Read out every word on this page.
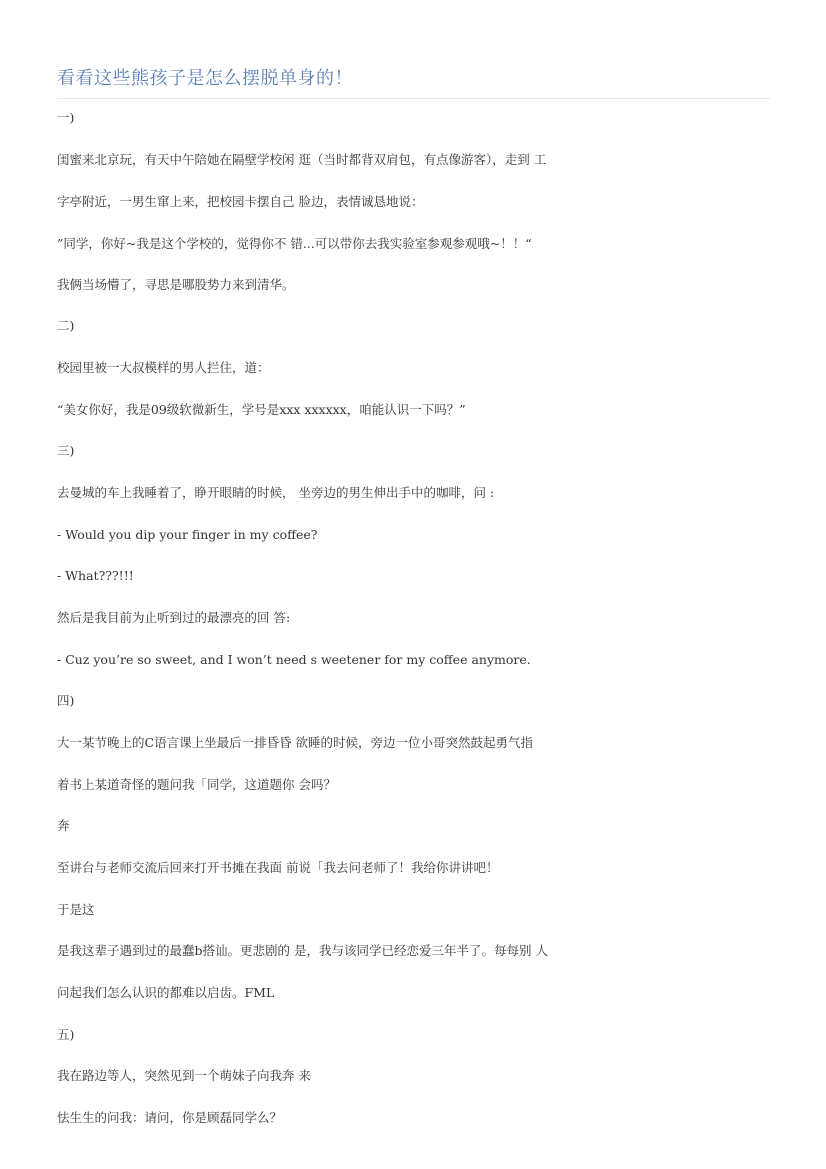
看看这些熊孩子是怎么摆脱单身的！
一)
闺蜜来北京玩，有天中午陪她在隔壁学校闲 逛（当时都背双肩包，有点像游客），走到 工
字亭附近，一男生窜上来，把校园卡摆自己 脸边，表情诚恳地说：
”同学，你好~我是这个学校的，觉得你不 错...可以带你去我实验室参观参观哦~！！“
我俩当场懵了，寻思是哪股势力来到清华。
二)
校园里被一大叔模样的男人拦住，道：
“美女你好，我是09级软微新生，学号是xxx xxxxxx，咱能认识一下吗？”
三)
去曼城的车上我睡着了，睁开眼睛的时候， 坐旁边的男生伸出手中的咖啡，问 :
- Would you dip your finger in my coffee?
- What???!!!
然后是我目前为止听到过的最漂亮的回 答:
- Cuz you’re so sweet, and I won’t need s weetener for my coffee anymore.
四)
大一某节晚上的C语言课上坐最后一排昏昏 欲睡的时候，旁边一位小哥突然鼓起勇气指
着书上某道奇怪的题问我「同学，这道题你 会吗？
奔
至讲台与老师交流后回来打开书摊在我面 前说「我去问老师了！我给你讲讲吧！
于是这
是我这辈子遇到过的最蠢b搭讪。更悲剧的 是，我与该同学已经恋爱三年半了。每每别 人
问起我们怎么认识的都难以启齿。FML
五)
我在路边等人，突然见到一个萌妹子向我奔 来
怯生生的问我：请问，你是顾磊同学么？
